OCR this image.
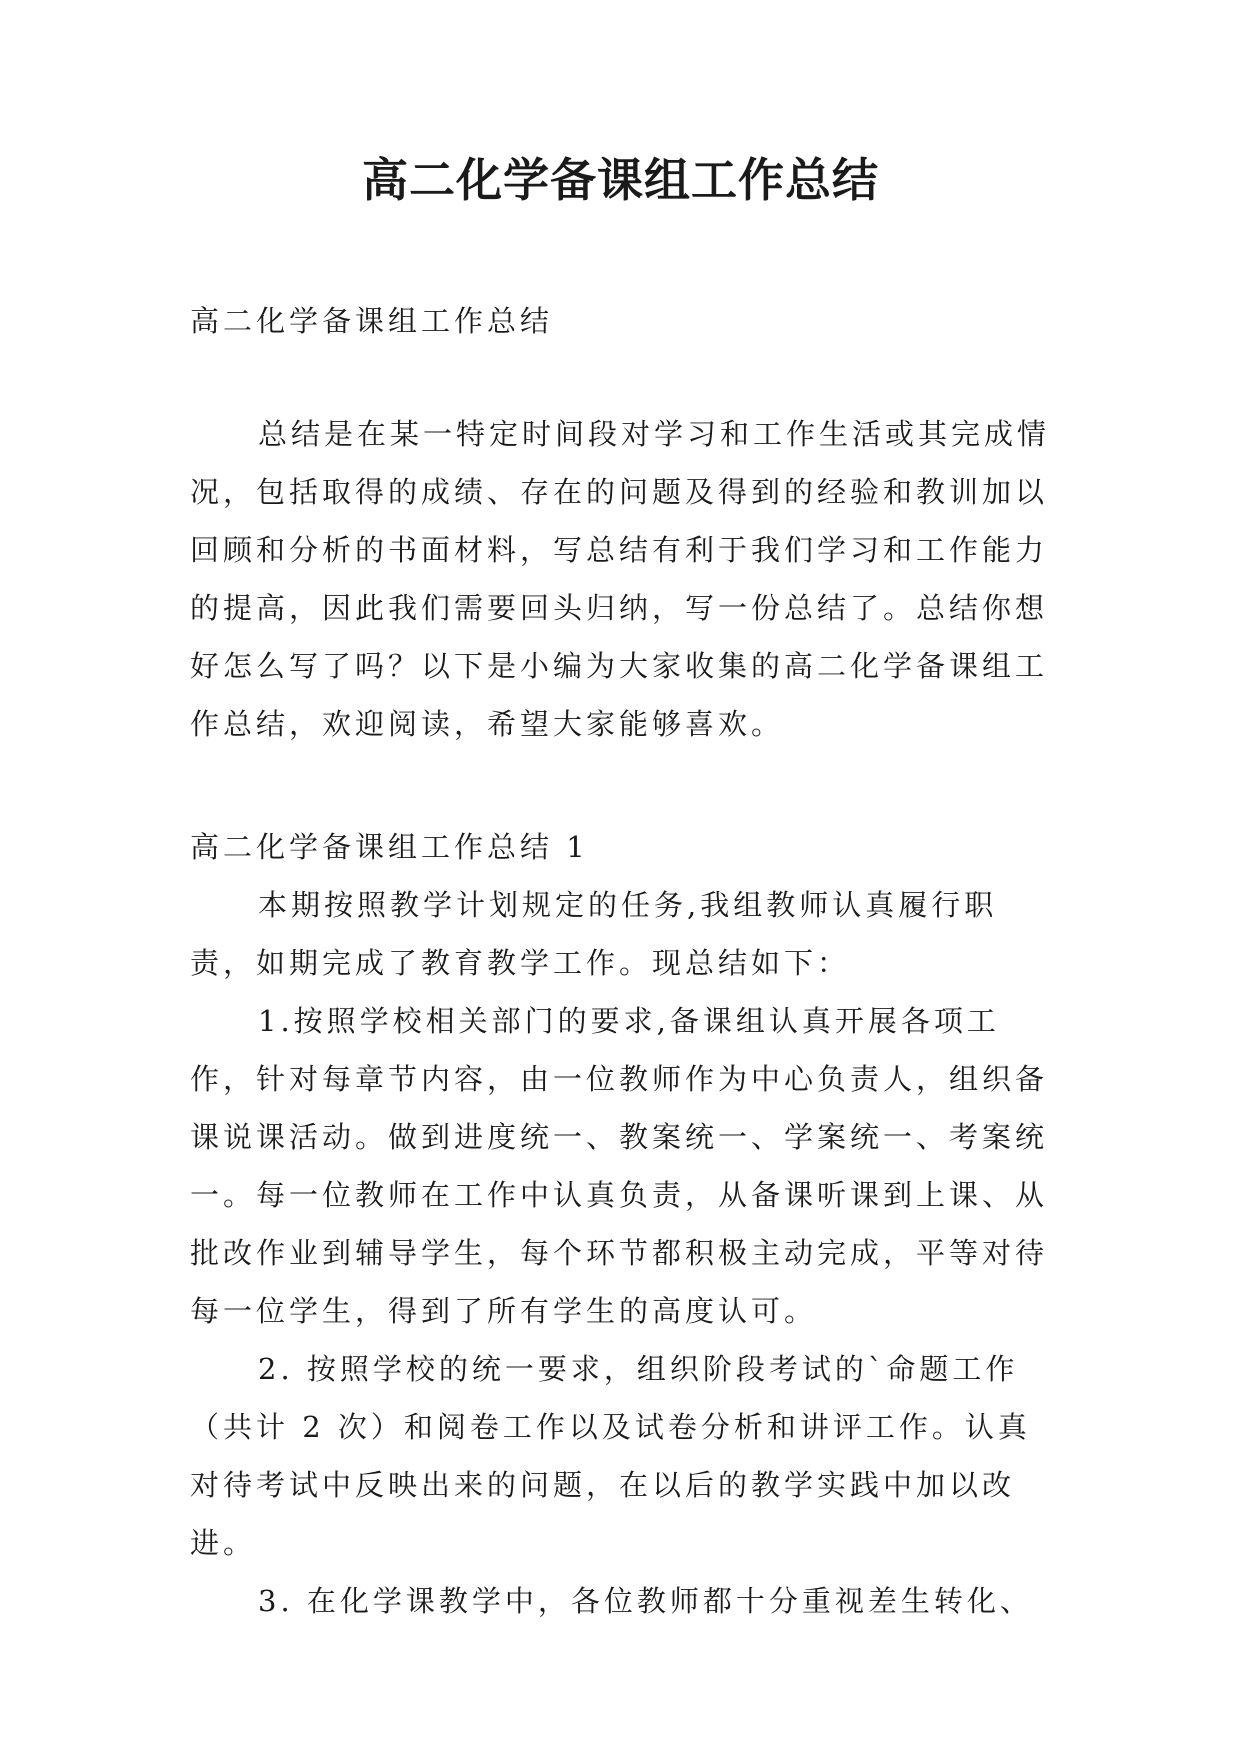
高二化学备课组工作总结

高二化学备课组工作总结

总结是在某一特定时间段对学习和工作生活或其完成情况，包括取得的成绩、存在的问题及得到的经验和教训加以回顾和分析的书面材料，写总结有利于我们学习和工作能力的提高，因此我们需要回头归纳，写一份总结了。总结你想好怎么写了吗？以下是小编为大家收集的高二化学备课组工作总结，欢迎阅读，希望大家能够喜欢。

高二化学备课组工作总结 1

本期按照教学计划规定的任务,我组教师认真履行职责，如期完成了教育教学工作。现总结如下：

1.按照学校相关部门的要求,备课组认真开展各项工作，针对每章节内容，由一位教师作为中心负责人，组织备课说课活动。做到进度统一、教案统一、学案统一、考案统一。每一位教师在工作中认真负责，从备课听课到上课、从批改作业到辅导学生，每个环节都积极主动完成，平等对待每一位学生，得到了所有学生的高度认可。

2. 按照学校的统一要求，组织阶段考试的`命题工作（共计 2 次）和阅卷工作以及试卷分析和讲评工作。认真对待考试中反映出来的问题，在以后的教学实践中加以改进。

3. 在化学课教学中，各位教师都十分重视差生转化、
